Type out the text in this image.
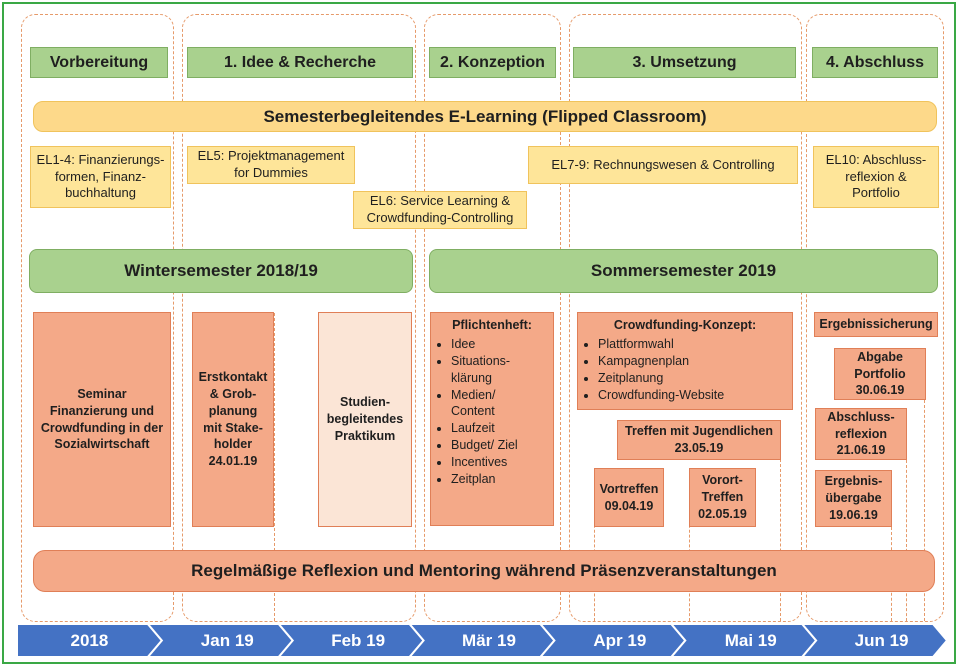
Vorbereitung	1. Idee & Recherche	2. Konzeption	3. Umsetzung	4. Abschluss
Semesterbegleitendes E-Learning (Flipped Classroom)
EL1-4: Finanzierungs-
formen, Finanz-
buchhaltung
EL5: Projektmanagement
for Dummies
EL6: Service Learning &
Crowdfunding-Controlling
EL7-9: Rechnungswesen & Controlling	EL10: Abschluss-
reflexion &
Portfolio
Wintersemester 2018/19	Sommersemester 2019
Seminar
Finanzierung und
Crowdfunding in der
Sozialwirtschaft
Erstkontakt
& Grob-
planung
mit Stake-
holder
24.01.19
Studien-
begleitendes
Praktikum
Pflichtenheft:
• Idee
• Situations-
klärung
• Medien/
Content
• Laufzeit
• Budget/ Ziel
• Incentives
• Zeitplan
Crowdfunding-Konzept:
• Plattformwahl
• Kampagnenplan
• Zeitplanung
• Crowdfunding-Website
Treffen mit Jugendlichen
23.05.19
Vortreffen
09.04.19
Vorort-
Treffen
02.05.19
Ergebnissicherung
Abgabe
Portfolio
30.06.19
Abschluss-
reflexion
21.06.19
Ergebnis-
übergabe
19.06.19
Regelmäßige Reflexion und Mentoring während Präsenzveranstaltungen
2018	Jan 19	Feb 19	Mär 19	Apr 19	Mai 19	Jun 19
